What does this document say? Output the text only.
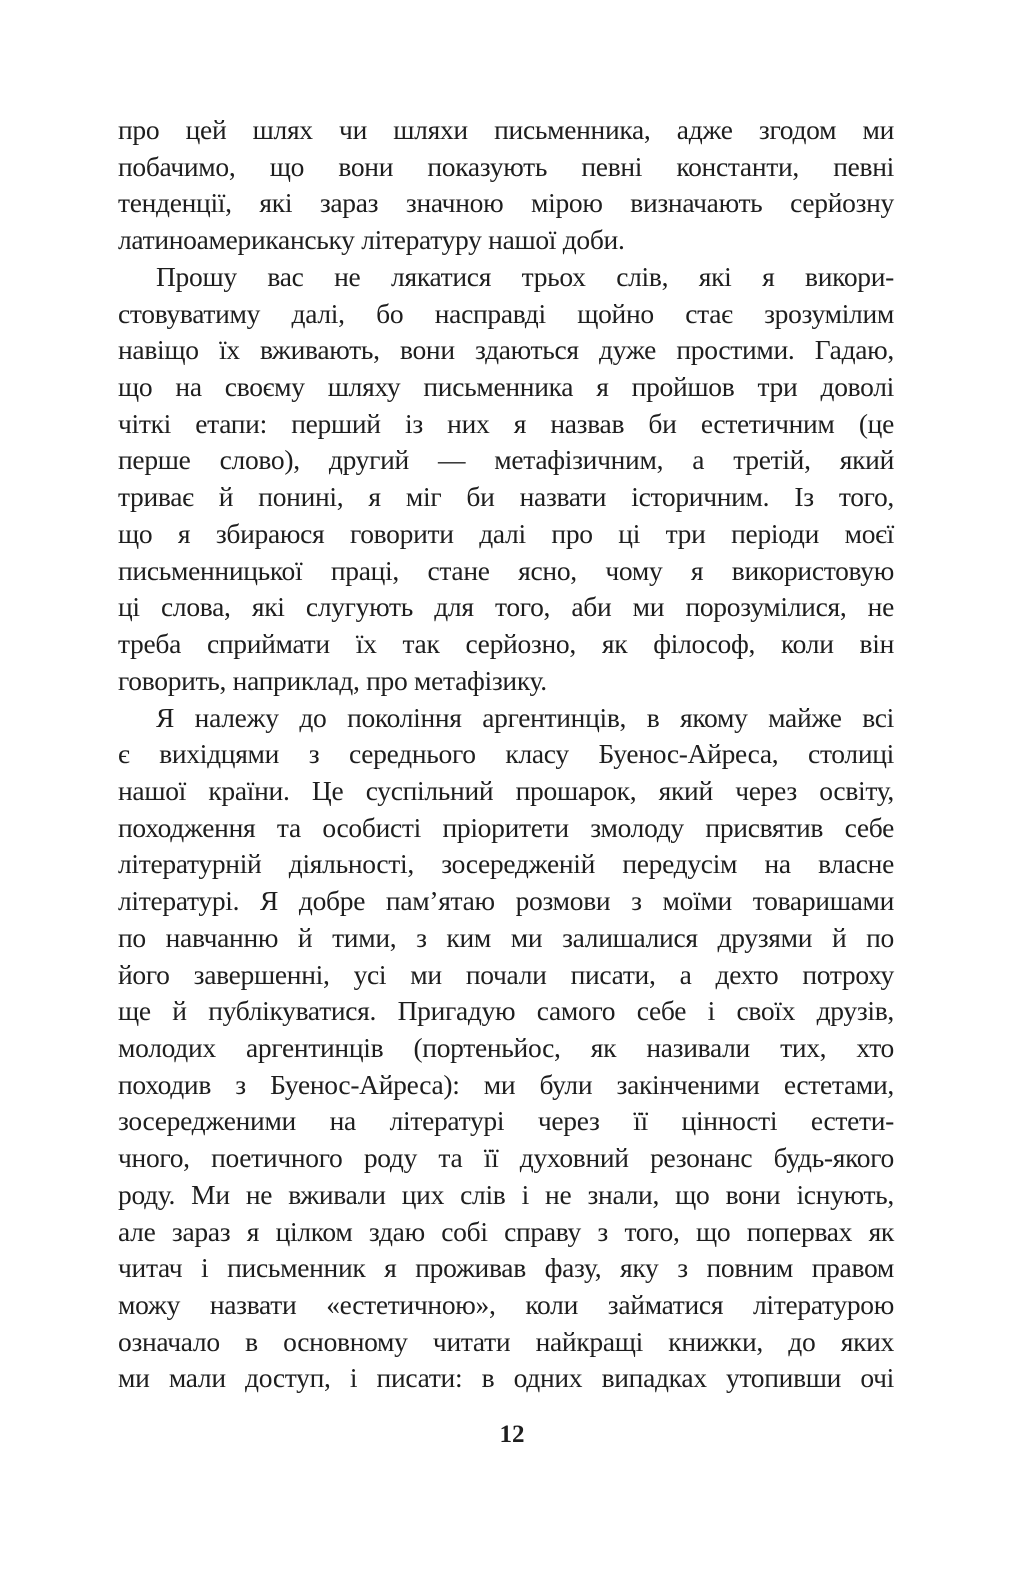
про цей шлях чи шляхи письменника, адже згодом ми
побачимо, що вони показують певні константи, певні
тенденції, які зараз значною мірою визначають серйозну
латиноамериканську літературу нашої доби.
Прошу вас не лякатися трьох слів, які я викори-
стовуватиму далі, бо насправді щойно стає зрозумілим
навіщо їх вживають, вони здаються дуже простими. Гадаю,
що на своєму шляху письменника я пройшов три доволі
чіткі етапи: перший із них я назвав би естетичним (це
перше слово), другий — метафізичним, а третій, який
триває й понині, я міг би назвати історичним. Із того,
що я збираюся говорити далі про ці три періоди моєї
письменницької праці, стане ясно, чому я використовую
ці слова, які слугують для того, аби ми порозумілися, не
треба сприймати їх так серйозно, як філософ, коли він
говорить, наприклад, про метафізику.
Я належу до покоління аргентинців, в якому майже всі
є вихідцями з середнього класу Буенос-Айреса, столиці
нашої країни. Це суспільний прошарок, який через освіту,
походження та особисті пріоритети змолоду присвятив себе
літературній діяльності, зосередженій передусім на власне
літературі. Я добре пам’ятаю розмови з моїми товаришами
по навчанню й тими, з ким ми залишалися друзями й по
його завершенні, усі ми почали писати, а дехто потроху
ще й публікуватися. Пригадую самого себе і своїх друзів,
молодих аргентинців (портеньйос, як називали тих, хто
походив з Буенос-Айреса): ми були закінченими естетами,
зосередженими на літературі через її цінності естети-
чного, поетичного роду та її духовний резонанс будь-якого
роду. Ми не вживали цих слів і не знали, що вони існують,
але зараз я цілком здаю собі справу з того, що попервах як
читач і письменник я проживав фазу, яку з повним правом
можу назвати «естетичною», коли займатися літературою
означало в основному читати найкращі книжки, до яких
ми мали доступ, і писати: в одних випадках утопивши очі
12
